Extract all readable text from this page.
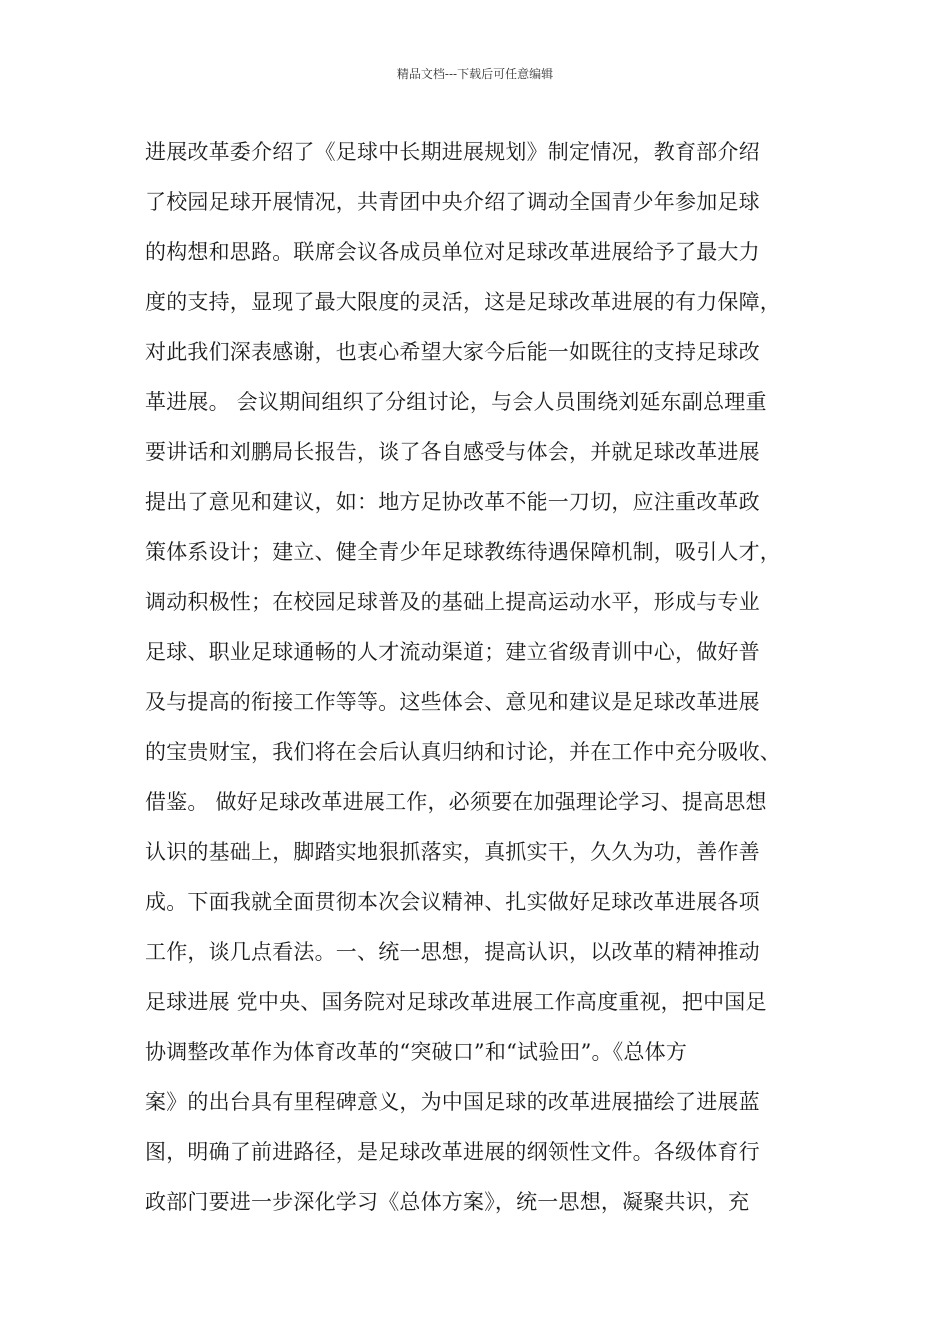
精品文档---下载后可任意编辑
进展改革委介绍了《足球中长期进展规划》制定情况，教育部介绍
了校园足球开展情况，共青团中央介绍了调动全国青少年参加足球
的构想和思路。联席会议各成员单位对足球改革进展给予了最大力
度的支持，显现了最大限度的灵活，这是足球改革进展的有力保障，
对此我们深表感谢，也衷心希望大家今后能一如既往的支持足球改
革进展。 会议期间组织了分组讨论，与会人员围绕刘延东副总理重
要讲话和刘鹏局长报告，谈了各自感受与体会，并就足球改革进展
提出了意见和建议，如：地方足协改革不能一刀切，应注重改革政
策体系设计；建立、健全青少年足球教练待遇保障机制，吸引人才，
调动积极性；在校园足球普及的基础上提高运动水平，形成与专业
足球、职业足球通畅的人才流动渠道；建立省级青训中心，做好普
及与提高的衔接工作等等。这些体会、意见和建议是足球改革进展
的宝贵财宝，我们将在会后认真归纳和讨论，并在工作中充分吸收、
借鉴。 做好足球改革进展工作，必须要在加强理论学习、提高思想
认识的基础上，脚踏实地狠抓落实，真抓实干，久久为功，善作善
成。下面我就全面贯彻本次会议精神、扎实做好足球改革进展各项
工作，谈几点看法。一、统一思想，提高认识，以改革的精神推动
足球进展 党中央、国务院对足球改革进展工作高度重视，把中国足
协调整改革作为体育改革的“突破口”和“试验田”。《总体方
案》的出台具有里程碑意义，为中国足球的改革进展描绘了进展蓝
图，明确了前进路径，是足球改革进展的纲领性文件。各级体育行
政部门要进一步深化学习《总体方案》，统一思想，凝聚共识，充
